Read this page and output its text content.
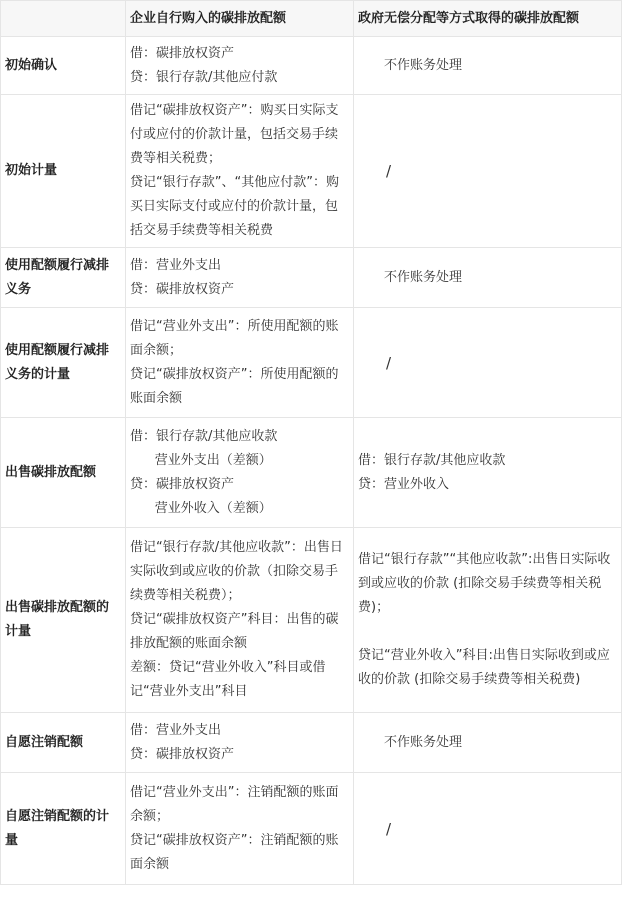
	企业自行购入的碳排放配额	政府无偿分配等方式取得的碳排放配额
初始确认	借：碳排放权资产
贷：银行存款/其他应付款	不作账务处理

初始计量	借记“碳排放权资产”：购买日实际支付或应付的价款计量，包括交易手续费等相关税费；
贷记“银行存款”、“其他应付款”：购买日实际支付或应付的价款计量，包括交易手续费等相关税费	/

使用配额履行减排义务	借：营业外支出
贷：碳排放权资产	不作账务处理

使用配额履行减排义务的计量	借记“营业外支出”：所使用配额的账面余额；
贷记“碳排放权资产”：所使用配额的账面余额	/

出售碳排放配额	借：银行存款/其他应收款
营业外支出（差额）
贷：碳排放权资产
营业外收入（差额）	借：银行存款/其他应收款
贷：营业外收入

出售碳排放配额的计量	借记“银行存款/其他应收款”：出售日实际收到或应收的价款（扣除交易手续费等相关税费）；
贷记“碳排放权资产”科目：出售的碳排放配额的账面余额
差额：贷记“营业外收入”科目或借记“营业外支出”科目	借记“银行存款”“其他应收款”:出售日实际收到或应收的价款 (扣除交易手续费等相关税费)；
贷记“营业外收入”科目:出售日实际收到或应收的价款 (扣除交易手续费等相关税费)

自愿注销配额	借：营业外支出
贷：碳排放权资产	不作账务处理

自愿注销配额的计量	借记“营业外支出”：注销配额的账面余额；
贷记“碳排放权资产”：注销配额的账面余额	/
